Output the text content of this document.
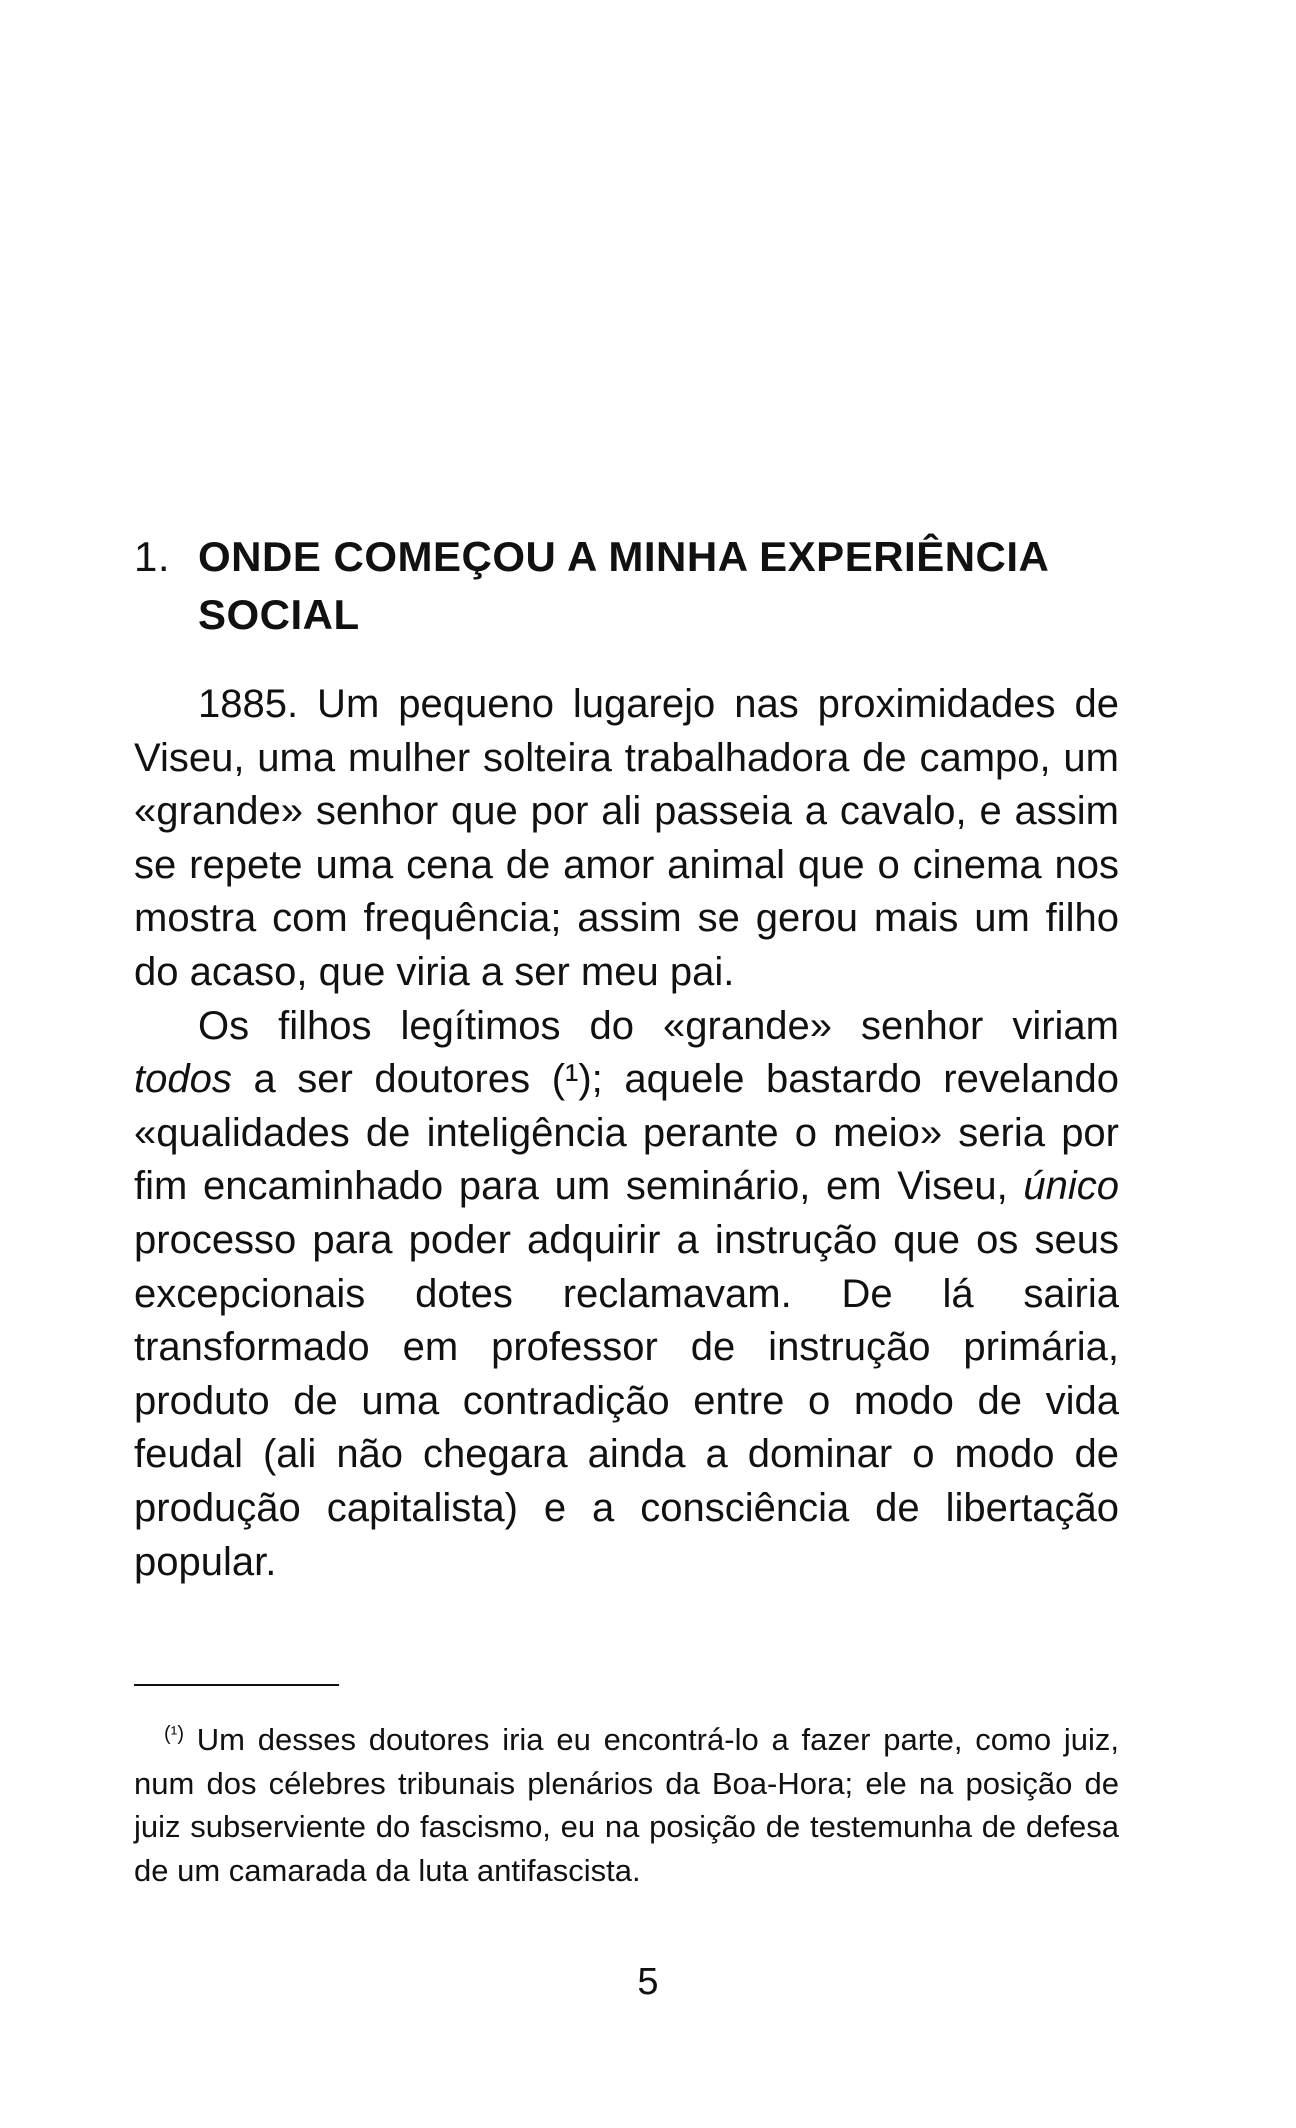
1. ONDE COMEÇOU A MINHA EXPERIÊNCIA
SOCIAL

1885. Um pequeno lugarejo nas proximidades de Viseu, uma mulher solteira trabalhadora de campo, um «grande» senhor que por ali passeia a cavalo, e assim se repete uma cena de amor animal que o cinema nos mostra com frequência; assim se gerou mais um filho do acaso, que viria a ser meu pai.

Os filhos legítimos do «grande» senhor viriam todos a ser doutores (¹); aquele bastardo revelando «qualidades de inteligência perante o meio» seria por fim encaminhado para um seminário, em Viseu, único processo para poder adquirir a instrução que os seus excepcionais dotes reclamavam. De lá sairia transformado em professor de instrução primária, produto de uma contradição entre o modo de vida feudal (ali não chegara ainda a dominar o modo de produção capitalista) e a consciência de libertação popular.

$^{(^1)}$ Um desses doutores iria eu encontrá-lo a fazer parte, como juiz, num dos célebres tribunais plenários da Boa-Hora; ele na posição de juiz subserviente do fascismo, eu na posição de testemunha de defesa de um camarada da luta antifascista.

5
